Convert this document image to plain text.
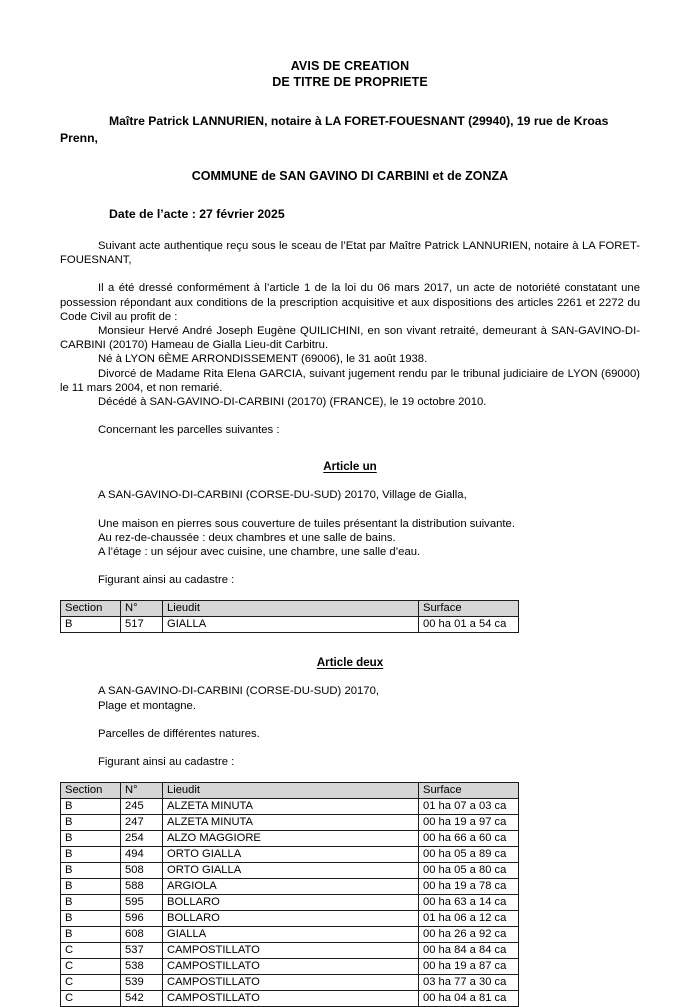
AVIS DE CREATION
DE TITRE DE PROPRIETE
Maître Patrick LANNURIEN, notaire à LA FORET-FOUESNANT (29940), 19 rue de Kroas Prenn,
COMMUNE de SAN GAVINO DI CARBINI et de ZONZA
Date de l’acte : 27 février 2025

Suivant acte authentique reçu sous le sceau de l’Etat par Maître Patrick LANNURIEN, notaire à LA FORET-FOUESNANT,

Il a été dressé conformément à l’article 1 de la loi du 06 mars 2017, un acte de notoriété constatant une possession répondant aux conditions de la prescription acquisitive et aux dispositions des articles 2261 et 2272 du Code Civil au profit de :

Monsieur Hervé André Joseph Eugène QUILICHINI, en son vivant retraité, demeurant à SAN-GAVINO-DI-CARBINI (20170) Hameau de Gialla Lieu-dit Carbitru.

Né à LYON 6ÈME ARRONDISSEMENT (69006), le 31 août 1938.

Divorcé de Madame Rita Elena GARCIA, suivant jugement rendu par le tribunal judiciaire de LYON (69000) le 11 mars 2004, et non remarié.

Décédé à SAN-GAVINO-DI-CARBINI (20170) (FRANCE), le 19 octobre 2010.

Concernant les parcelles suivantes :

Article un

A SAN-GAVINO-DI-CARBINI (CORSE-DU-SUD) 20170, Village de Gialla,

Une maison en pierres sous couverture de tuiles présentant la distribution suivante.

Au rez-de-chaussée : deux chambres et une salle de bains.

A l’étage : un séjour avec cuisine, une chambre, une salle d’eau.

Figurant ainsi au cadastre :

Section	N°	Lieudit	Surface
B	517	GIALLA	00 ha 01 a 54 ca
Article deux

A SAN-GAVINO-DI-CARBINI (CORSE-DU-SUD) 20170,

Plage et montagne.

Parcelles de différentes natures.

Figurant ainsi au cadastre :

Section	N°	Lieudit	Surface
B	245	ALZETA MINUTA	01 ha 07 a 03 ca
B	247	ALZETA MINUTA	00 ha 19 a 97 ca
B	254	ALZO MAGGIORE	00 ha 66 a 60 ca
B	494	ORTO GIALLA	00 ha 05 a 89 ca
B	508	ORTO GIALLA	00 ha 05 a 80 ca
B	588	ARGIOLA	00 ha 19 a 78 ca
B	595	BOLLARO	00 ha 63 a 14 ca
B	596	BOLLARO	01 ha 06 a 12 ca
B	608	GIALLA	00 ha 26 a 92 ca
C	537	CAMPOSTILLATO	00 ha 84 a 84 ca
C	538	CAMPOSTILLATO	00 ha 19 a 87 ca
C	539	CAMPOSTILLATO	03 ha 77 a 30 ca
C	542	CAMPOSTILLATO	00 ha 04 a 81 ca
